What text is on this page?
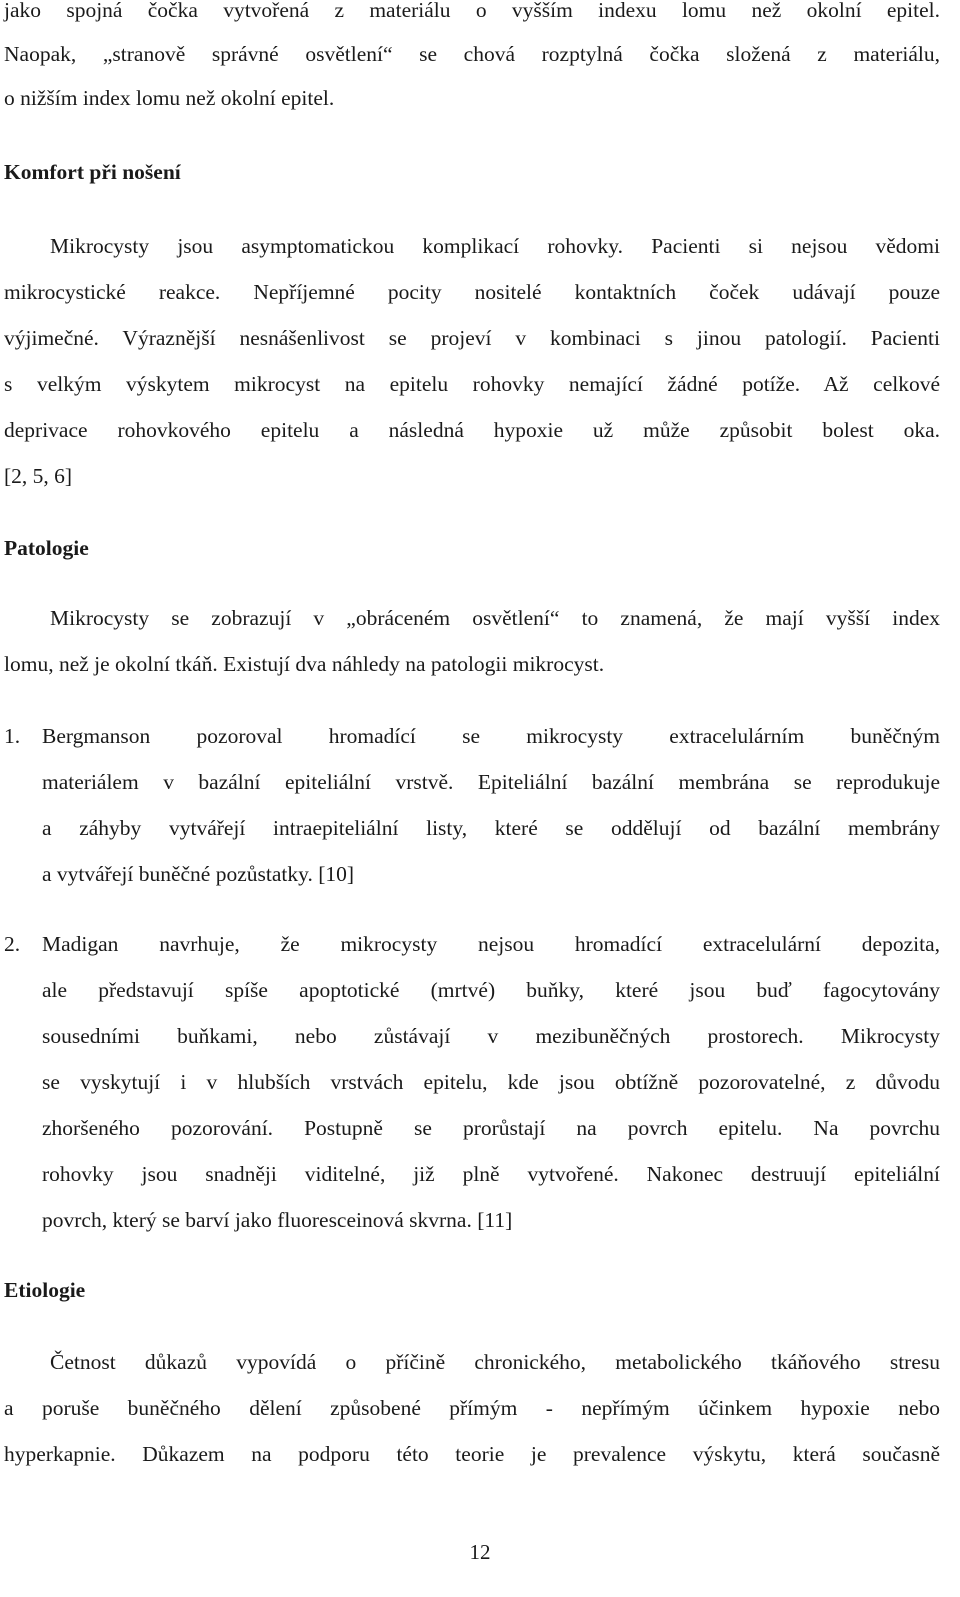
jako spojná čočka vytvořená z materiálu o vyšším indexu lomu než okolní epitel.
Naopak, „stranově správné osvětlení“ se chová rozptylná čočka složená z materiálu,
o nižším index lomu než okolní epitel.
Komfort při nošení
Mikrocysty jsou asymptomatickou komplikací rohovky. Pacienti si nejsou vědomi
mikrocystické reakce. Nepříjemné pocity nositelé kontaktních čoček udávají pouze
výjimečné. Výraznější nesnášenlivost se projeví v kombinaci s jinou patologií. Pacienti
s velkým výskytem mikrocyst na epitelu rohovky nemající žádné potíže. Až celkové
deprivace rohovkového epitelu a následná hypoxie už může způsobit bolest oka.
[2, 5, 6]
Patologie
Mikrocysty se zobrazují v „obráceném osvětlení“ to znamená, že mají vyšší index
lomu, než je okolní tkáň. Existují dva náhledy na patologii mikrocyst.
1. Bergmanson pozoroval hromadící se mikrocysty extracelulárním buněčným
materiálem v bazální epiteliální vrstvě. Epiteliální bazální membrána se reprodukuje
a záhyby vytvářejí intraepiteliální listy, které se oddělují od bazální membrány
a vytvářejí buněčné pozůstatky. [10]
2. Madigan navrhuje, že mikrocysty nejsou hromadící extracelulární depozita,
ale představují spíše apoptotické (mrtvé) buňky, které jsou buď fagocytovány
sousedními buňkami, nebo zůstávají v mezibuněčných prostorech. Mikrocysty
se vyskytují i v hlubších vrstvách epitelu, kde jsou obtížně pozorovatelné, z důvodu
zhoršeného pozorování. Postupně se prorůstají na povrch epitelu. Na povrchu
rohovky jsou snadněji viditelné, již plně vytvořené. Nakonec destruují epiteliální
povrch, který se barví jako fluoresceinová skvrna. [11]
Etiologie
Četnost důkazů vypovídá o příčině chronického, metabolického tkáňového stresu
a poruše buněčného dělení způsobené přímým - nepřímým účinkem hypoxie nebo
hyperkapnie. Důkazem na podporu této teorie je prevalence výskytu, která současně
12
